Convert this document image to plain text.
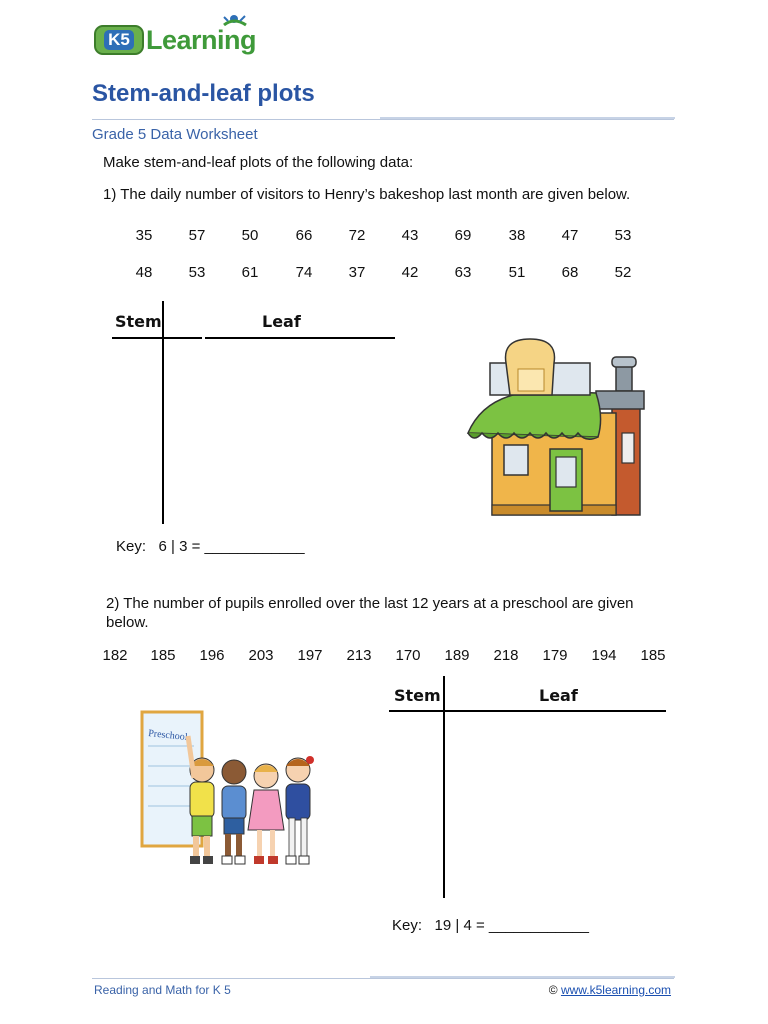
K5 Learning
Stem-and-leaf plots
Grade 5 Data Worksheet
Make stem-and-leaf plots of the following data:
1) The daily number of visitors to Henry’s bakeshop last month are given below.
35	57	50	66	72	43	69	38	47	53
48	53	61	74	37	42	63	51	68	52
Stem	Leaf
Key: 6 | 3 = ____________
2) The number of pupils enrolled over the last 12 years at a preschool are given
below.
182	185	196	203	197	213	170	189	218	179	194	185
Stem	Leaf
Key: 19 | 4 = ____________
Preschool
Reading and Math for K 5	© www.k5learning.com
